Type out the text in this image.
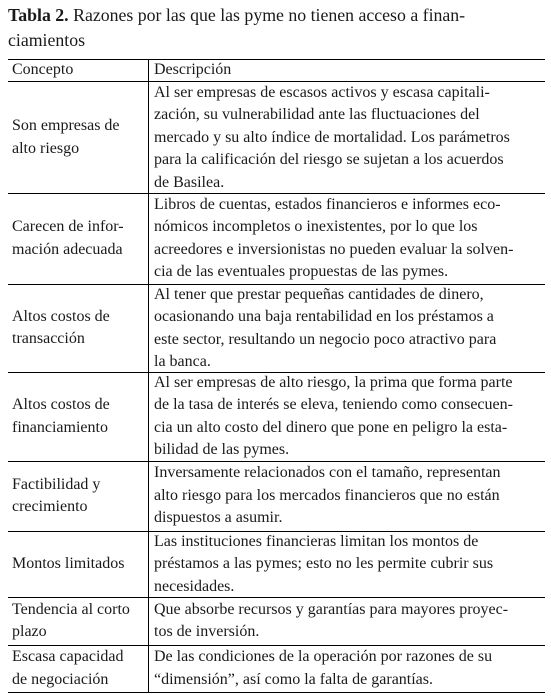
Tabla 2. Razones por las que las pyme no tienen acceso a finan-
ciamientos
Concepto	Descripción
Son empresas de
alto riesgo
Al ser empresas de escasos activos y escasa capitali-
zación, su vulnerabilidad ante las fluctuaciones del
mercado y su alto índice de mortalidad. Los parámetros
para la calificación del riesgo se sujetan a los acuerdos
de Basilea.
Carecen de infor-
mación adecuada
Libros de cuentas, estados financieros e informes eco-
nómicos incompletos o inexistentes, por lo que los
acreedores e inversionistas no pueden evaluar la solven-
cia de las eventuales propuestas de las pymes.
Altos costos de
transacción
Al tener que prestar pequeñas cantidades de dinero,
ocasionando una baja rentabilidad en los préstamos a
este sector, resultando un negocio poco atractivo para
la banca.
Altos costos de
financiamiento
Al ser empresas de alto riesgo, la prima que forma parte
de la tasa de interés se eleva, teniendo como consecuen-
cia un alto costo del dinero que pone en peligro la esta-
bilidad de las pymes.
Factibilidad y
crecimiento
Inversamente relacionados con el tamaño, representan
alto riesgo para los mercados financieros que no están
dispuestos a asumir.
Montos limitados
Las instituciones financieras limitan los montos de
préstamos a las pymes; esto no les permite cubrir sus
necesidades.
Tendencia al corto
plazo
Que absorbe recursos y garantías para mayores proyec-
tos de inversión.
Escasa capacidad
de negociación
De las condiciones de la operación por razones de su
“dimensión”, así como la falta de garantías.
